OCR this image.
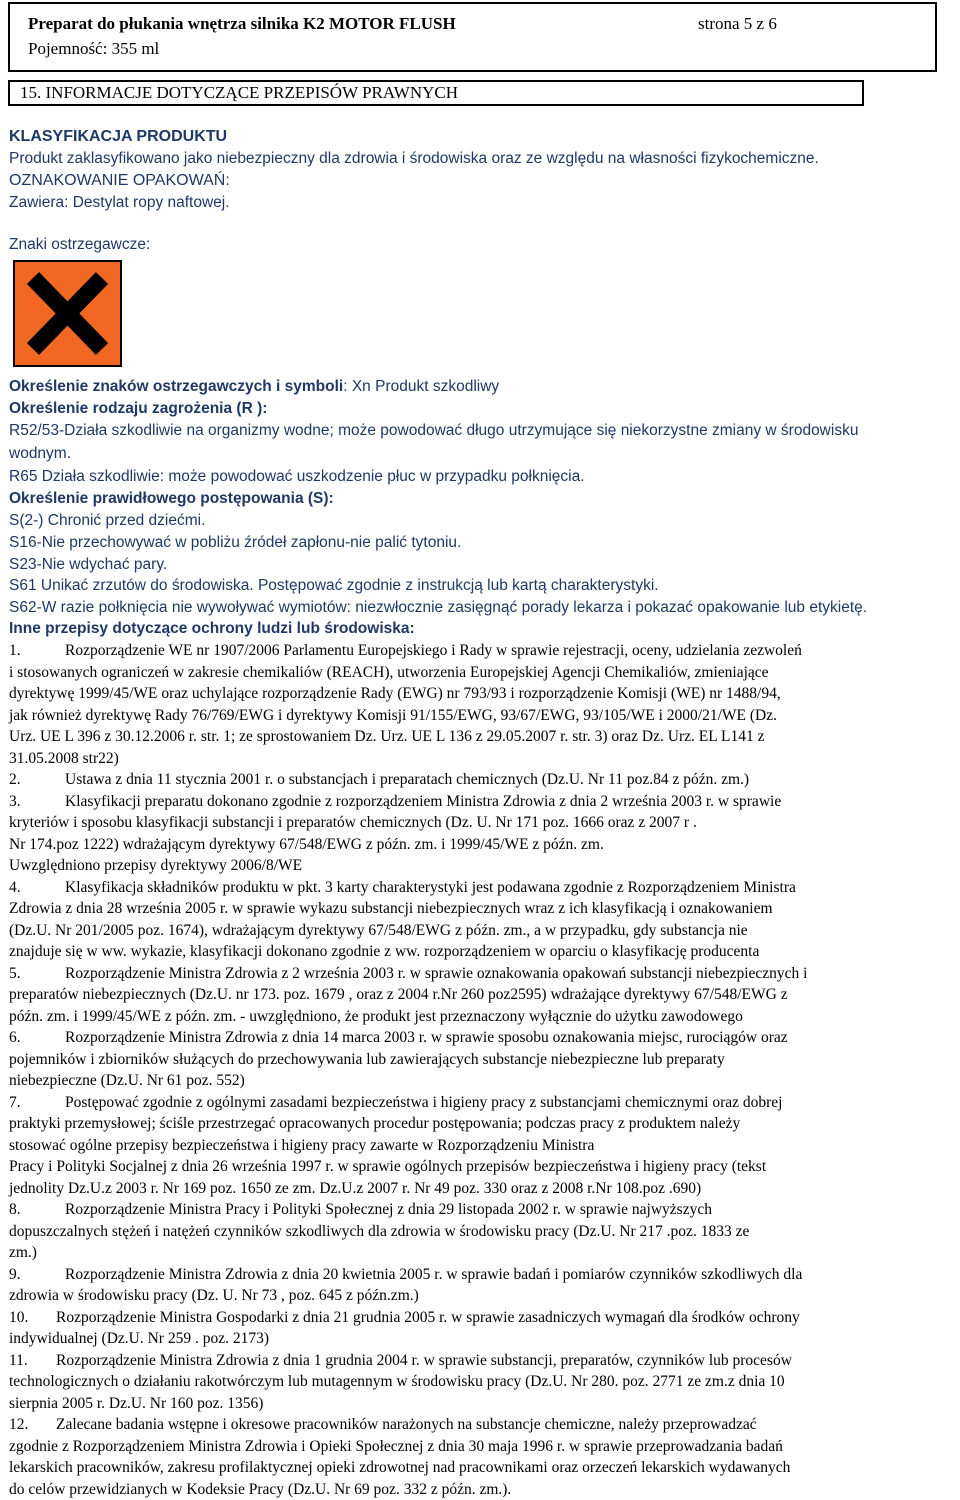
Preparat do płukania wnętrza silnika K2 MOTOR FLUSH	strona 5 z 6
Pojemność: 355 ml
15. INFORMACJE DOTYCZĄCE PRZEPISÓW PRAWNYCH
KLASYFIKACJA PRODUKTU
Produkt zaklasyfikowano jako niebezpieczny dla zdrowia i środowiska oraz ze względu na własności fizykochemiczne.
OZNAKOWANIE OPAKOWAŃ:
Zawiera: Destylat ropy naftowej.
Znaki ostrzegawcze:
Określenie znaków ostrzegawczych i symboli: Xn Produkt szkodliwy
Określenie rodzaju zagrożenia (R ):
R52/53-Działa szkodliwie na organizmy wodne; może powodować długo utrzymujące się niekorzystne zmiany w środowisku
wodnym.
R65 Działa szkodliwie: może powodować uszkodzenie płuc w przypadku połknięcia.
Określenie prawidłowego postępowania (S):
S(2-) Chronić przed dziećmi.
S16-Nie przechowywać w pobliżu źródeł zapłonu-nie palić tytoniu.
S23-Nie wdychać pary.
S61 Unikać zrzutów do środowiska. Postępować zgodnie z instrukcją lub kartą charakterystyki.
S62-W razie połknięcia nie wywoływać wymiotów: niezwłocznie zasięgnąć porady lekarza i pokazać opakowanie lub etykietę.
Inne przepisy dotyczące ochrony ludzi lub środowiska:
1.	Rozporządzenie WE nr 1907/2006 Parlamentu Europejskiego i Rady w sprawie rejestracji, oceny, udzielania zezwoleń
i stosowanych ograniczeń w zakresie chemikaliów (REACH), utworzenia Europejskiej Agencji Chemikaliów, zmieniające
dyrektywę 1999/45/WE oraz uchylające rozporządzenie Rady (EWG) nr 793/93 i rozporządzenie Komisji (WE) nr 1488/94,
jak również dyrektywę Rady 76/769/EWG i dyrektywy Komisji 91/155/EWG, 93/67/EWG, 93/105/WE i 2000/21/WE (Dz.
Urz. UE L 396 z 30.12.2006 r. str. 1; ze sprostowaniem Dz. Urz. UE L 136 z 29.05.2007 r. str. 3) oraz Dz. Urz. EL L141 z
31.05.2008 str22)
2.	Ustawa z dnia 11 stycznia 2001 r. o substancjach i preparatach chemicznych (Dz.U. Nr 11 poz.84 z późn. zm.)
3.	Klasyfikacji preparatu dokonano zgodnie z rozporządzeniem Ministra Zdrowia z dnia 2 września 2003 r. w sprawie
kryteriów i sposobu klasyfikacji substancji i preparatów chemicznych (Dz. U. Nr 171 poz. 1666 oraz z 2007 r .
Nr 174.poz 1222) wdrażającym dyrektywy 67/548/EWG z późn. zm. i 1999/45/WE z późn. zm.
Uwzględniono przepisy dyrektywy 2006/8/WE
4.	Klasyfikacja składników produktu w pkt. 3 karty charakterystyki jest podawana zgodnie z Rozporządzeniem Ministra
Zdrowia z dnia 28 września 2005 r. w sprawie wykazu substancji niebezpiecznych wraz z ich klasyfikacją i oznakowaniem
(Dz.U. Nr 201/2005 poz. 1674), wdrażającym dyrektywy 67/548/EWG z późn. zm., a w przypadku, gdy substancja nie
znajduje się w ww. wykazie, klasyfikacji dokonano zgodnie z ww. rozporządzeniem w oparciu o klasyfikację producenta
5.	Rozporządzenie Ministra Zdrowia z 2 września 2003 r. w sprawie oznakowania opakowań substancji niebezpiecznych i
preparatów niebezpiecznych (Dz.U. nr 173. poz. 1679 , oraz z 2004 r.Nr 260 poz2595) wdrażające dyrektywy 67/548/EWG z
późn. zm. i 1999/45/WE z późn. zm. - uwzględniono, że produkt jest przeznaczony wyłącznie do użytku zawodowego
6.	Rozporządzenie Ministra Zdrowia z dnia 14 marca 2003 r. w sprawie sposobu oznakowania miejsc, rurociągów oraz
pojemników i zbiorników służących do przechowywania lub zawierających substancje niebezpieczne lub preparaty
niebezpieczne (Dz.U. Nr 61 poz. 552)
7.	Postępować zgodnie z ogólnymi zasadami bezpieczeństwa i higieny pracy z substancjami chemicznymi oraz dobrej
praktyki przemysłowej; ściśle przestrzegać opracowanych procedur postępowania; podczas pracy z produktem należy
stosować ogólne przepisy bezpieczeństwa i higieny pracy zawarte w Rozporządzeniu Ministra
Pracy i Polityki Socjalnej z dnia 26 września 1997 r. w sprawie ogólnych przepisów bezpieczeństwa i higieny pracy (tekst
jednolity Dz.U.z 2003 r. Nr 169 poz. 1650 ze zm. Dz.U.z 2007 r. Nr 49 poz. 330 oraz z 2008 r.Nr 108.poz .690)
8.	Rozporządzenie Ministra Pracy i Polityki Społecznej z dnia 29 listopada 2002 r. w sprawie najwyższych
dopuszczalnych stężeń i natężeń czynników szkodliwych dla zdrowia w środowisku pracy (Dz.U. Nr 217 .poz. 1833 ze
zm.)
9.	Rozporządzenie Ministra Zdrowia z dnia 20 kwietnia 2005 r. w sprawie badań i pomiarów czynników szkodliwych dla
zdrowia w środowisku pracy (Dz. U. Nr 73 , poz. 645 z późn.zm.)
10. Rozporządzenie Ministra Gospodarki z dnia 21 grudnia 2005 r. w sprawie zasadniczych wymagań dla środków ochrony
indywidualnej (Dz.U. Nr 259 . poz. 2173)
11. Rozporządzenie Ministra Zdrowia z dnia 1 grudnia 2004 r. w sprawie substancji, preparatów, czynników lub procesów
technologicznych o działaniu rakotwórczym lub mutagennym w środowisku pracy (Dz.U. Nr 280. poz. 2771 ze zm.z dnia 10
sierpnia 2005 r. Dz.U. Nr 160 poz. 1356)
12. Zalecane badania wstępne i okresowe pracowników narażonych na substancje chemiczne, należy przeprowadzać
zgodnie z Rozporządzeniem Ministra Zdrowia i Opieki Społecznej z dnia 30 maja 1996 r. w sprawie przeprowadzania badań
lekarskich pracowników, zakresu profilaktycznej opieki zdrowotnej nad pracownikami oraz orzeczeń lekarskich wydawanych
do celów przewidzianych w Kodeksie Pracy (Dz.U. Nr 69 poz. 332 z późn. zm.).
